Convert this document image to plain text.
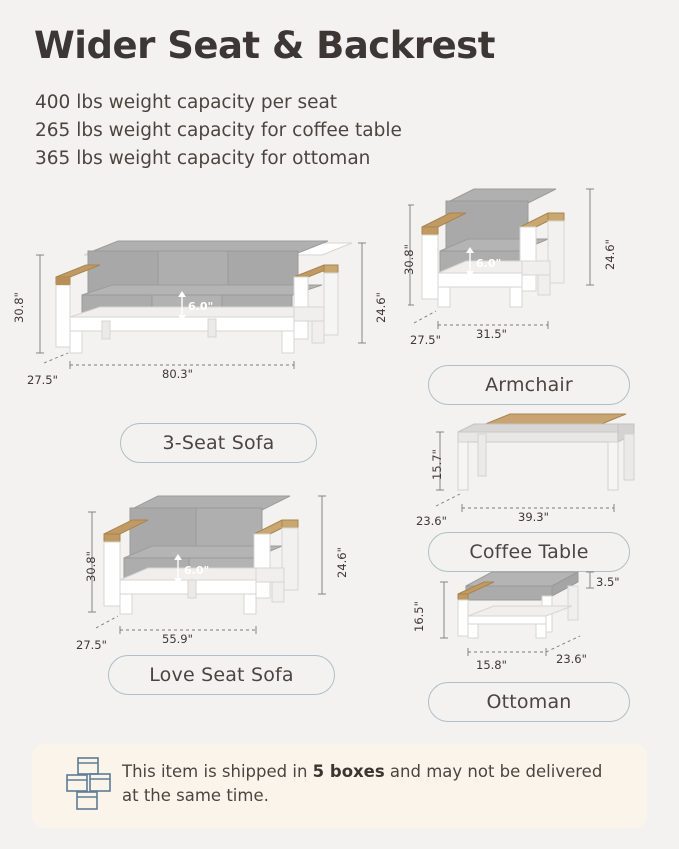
Wider Seat & Backrest
400 lbs weight capacity per seat
265 lbs weight capacity for coffee table
365 lbs weight capacity for ottoman
30.8"	24.6"
6.0"
27.5"	80.3"
3-Seat Sofa
30.8"	24.6"
6.0"
27.5"	31.5"
Armchair
15.7"
23.6"	39.3"
Coffee Table
30.8"	24.6"
6.0"
27.5"	55.9"
Love Seat Sofa
16.5"
3.5"
15.8"	23.6"
Ottoman
This item is shipped in 5 boxes and may not be delivered at the same time.
